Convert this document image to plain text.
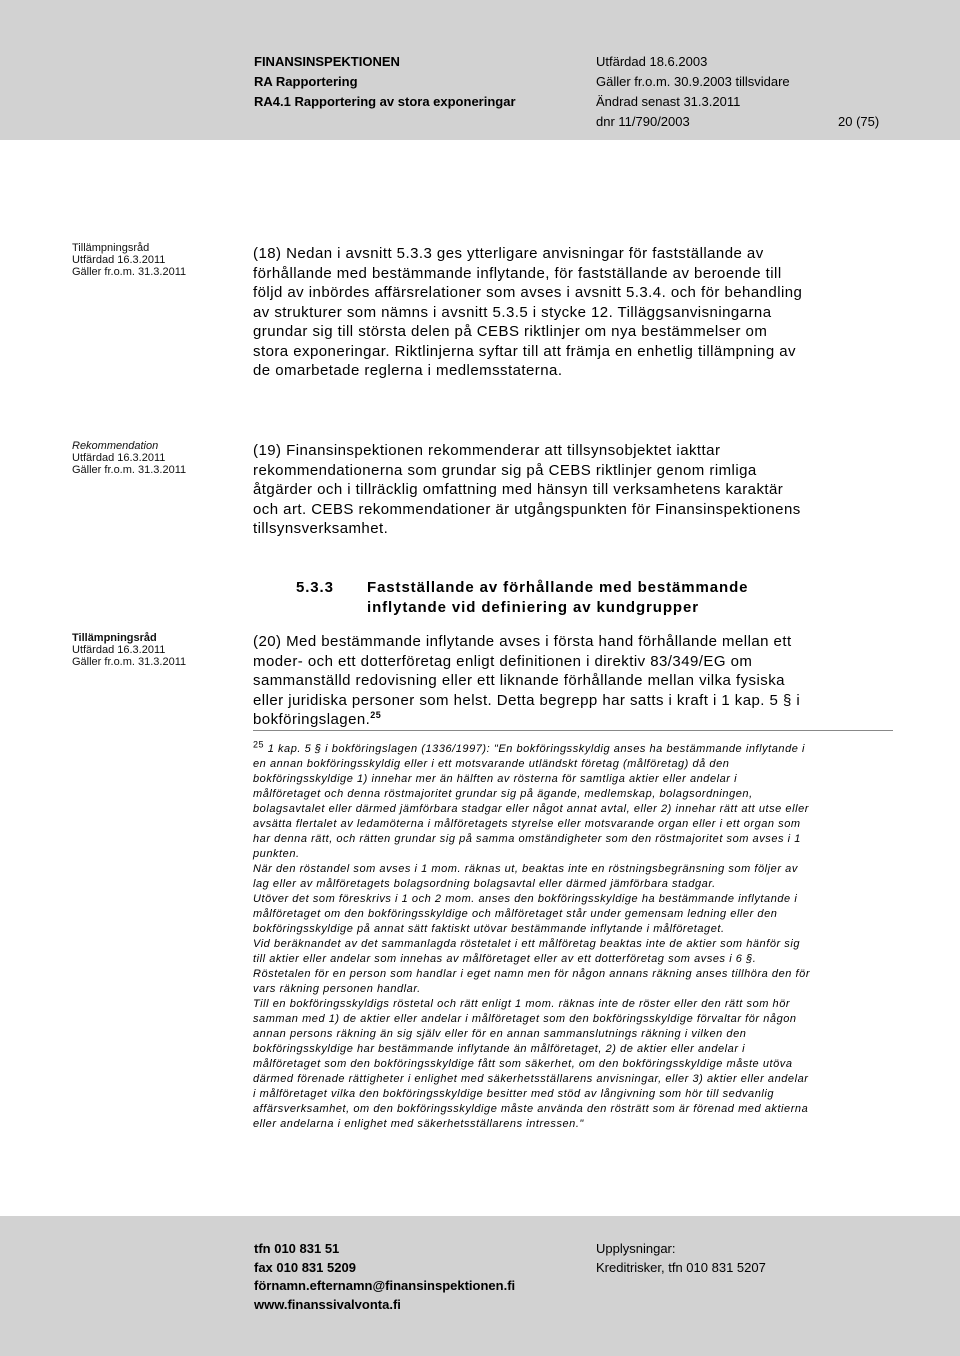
FINANSINSPEKTIONEN
RA Rapportering
RA4.1 Rapportering av stora exponeringar
Utfärdad 18.6.2003
Gäller fr.o.m. 30.9.2003 tillsvidare
Ändrad senast 31.3.2011
dnr 11/790/2003	20 (75)
Tillämpningsråd
Utfärdad 16.3.2011
Gäller fr.o.m. 31.3.2011
(18) Nedan i avsnitt 5.3.3 ges ytterligare anvisningar för fastställande av
förhållande med bestämmande inflytande, för fastställande av beroende till
följd av inbördes affärsrelationer som avses i avsnitt 5.3.4. och för behandling
av strukturer som nämns i avsnitt 5.3.5 i stycke 12. Tilläggsanvisningarna
grundar sig till största delen på CEBS riktlinjer om nya bestämmelser om
stora exponeringar. Riktlinjerna syftar till att främja en enhetlig tillämpning av
de omarbetade reglerna i medlemsstaterna.
Rekommendation
Utfärdad 16.3.2011
Gäller fr.o.m. 31.3.2011
(19) Finansinspektionen rekommenderar att tillsynsobjektet iakttar
rekommendationerna som grundar sig på CEBS riktlinjer genom rimliga
åtgärder och i tillräcklig omfattning med hänsyn till verksamhetens karaktär
och art. CEBS rekommendationer är utgångspunkten för Finansinspektionens
tillsynsverksamhet.
5.3.3 Fastställande av förhållande med bestämmande
inflytande vid definiering av kundgrupper
Tillämpningsråd
Utfärdad 16.3.2011
Gäller fr.o.m. 31.3.2011
(20) Med bestämmande inflytande avses i första hand förhållande mellan ett
moder- och ett dotterföretag enligt definitionen i direktiv 83/349/EG om
sammanställd redovisning eller ett liknande förhållande mellan vilka fysiska
eller juridiska personer som helst. Detta begrepp har satts i kraft i 1 kap. 5 § i
bokföringslagen.$^{25}$
$^{25}$ 1 kap. 5 § i bokföringslagen (1336/1997): "En bokföringsskyldig anses ha bestämmande inflytande i
en annan bokföringsskyldig eller i ett motsvarande utländskt företag (målföretag) då den
bokföringsskyldige 1) innehar mer än hälften av rösterna för samtliga aktier eller andelar i
målföretaget och denna röstmajoritet grundar sig på ägande, medlemskap, bolagsordningen,
bolagsavtalet eller därmed jämförbara stadgar eller något annat avtal, eller 2) innehar rätt att utse eller
avsätta flertalet av ledamöterna i målföretagets styrelse eller motsvarande organ eller i ett organ som
har denna rätt, och rätten grundar sig på samma omständigheter som den röstmajoritet som avses i 1
punkten.
När den röstandel som avses i 1 mom. räknas ut, beaktas inte en röstningsbegränsning som följer av
lag eller av målföretagets bolagsordning bolagsavtal eller därmed jämförbara stadgar.
Utöver det som föreskrivs i 1 och 2 mom. anses den bokföringsskyldige ha bestämmande inflytande i
målföretaget om den bokföringsskyldige och målföretaget står under gemensam ledning eller den
bokföringsskyldige på annat sätt faktiskt utövar bestämmande inflytande i målföretaget.
Vid beräknandet av det sammanlagda röstetalet i ett målföretag beaktas inte de aktier som hänför sig
till aktier eller andelar som innehas av målföretaget eller av ett dotterföretag som avses i 6 §.
Röstetalen för en person som handlar i eget namn men för någon annans räkning anses tillhöra den för
vars räkning personen handlar.
Till en bokföringsskyldigs röstetal och rätt enligt 1 mom. räknas inte de röster eller den rätt som hör
samman med 1) de aktier eller andelar i målföretaget som den bokföringsskyldige förvaltar för någon
annan persons räkning än sig själv eller för en annan sammanslutnings räkning i vilken den
bokföringsskyldige har bestämmande inflytande än målföretaget, 2) de aktier eller andelar i
målföretaget som den bokföringsskyldige fått som säkerhet, om den bokföringsskyldige måste utöva
därmed förenade rättigheter i enlighet med säkerhetsställarens anvisningar, eller 3) aktier eller andelar
i målföretaget vilka den bokföringsskyldige besitter med stöd av långivning som hör till sedvanlig
affärsverksamhet, om den bokföringsskyldige måste använda den rösträtt som är förenad med aktierna
eller andelarna i enlighet med säkerhetsställarens intressen."
tfn 010 831 51
fax 010 831 5209
förnamn.efternamn@finansinspektionen.fi
www.finanssivalvonta.fi
Upplysningar:
Kreditrisker, tfn 010 831 5207
